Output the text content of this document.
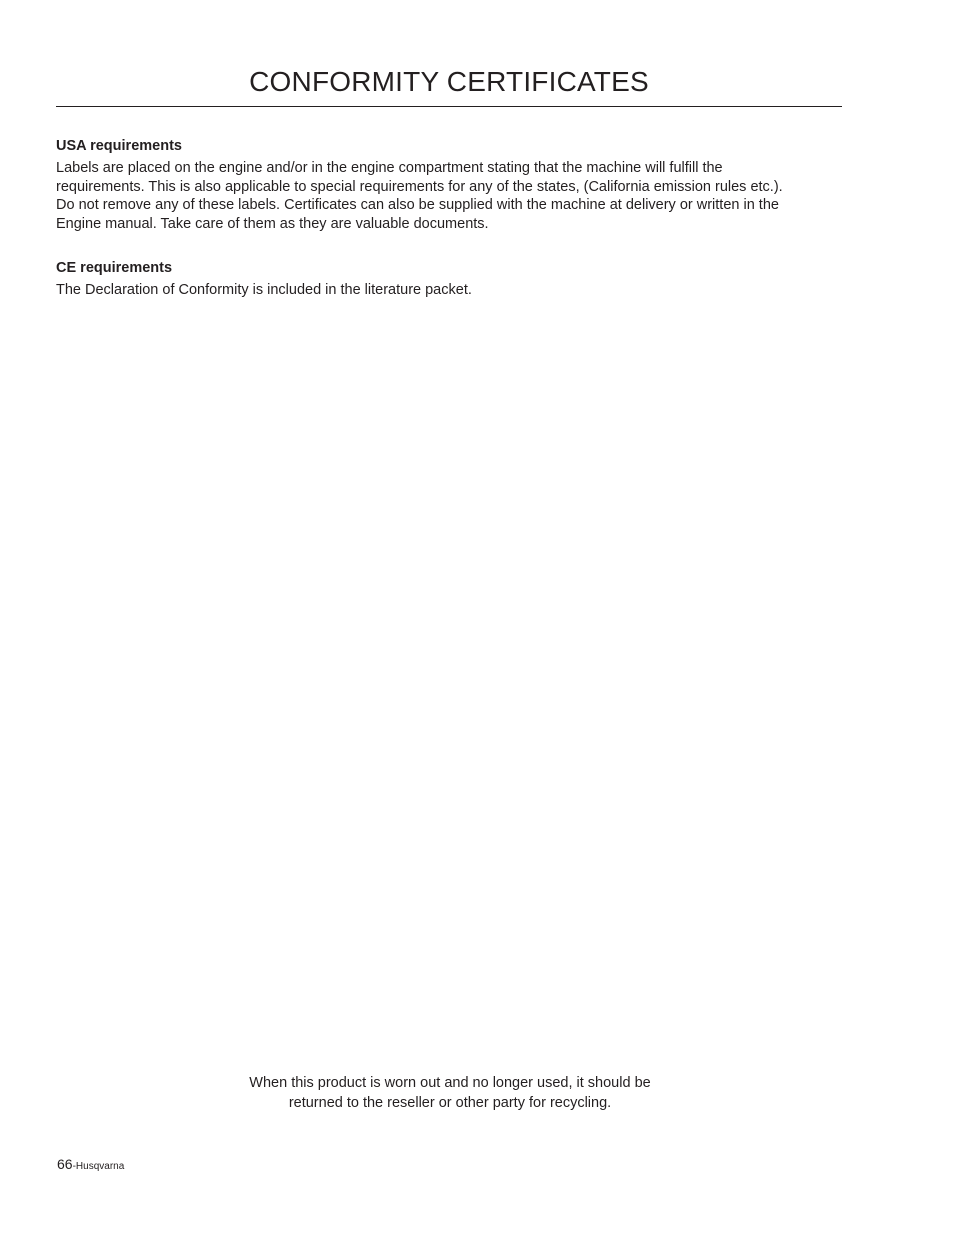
CONFORMITY CERTIFICATES
USA requirements

Labels are placed on the engine and/or in the engine compartment stating that the machine will fulfill the
requirements. This is also applicable to special requirements for any of the states, (California emission rules etc.).
Do not remove any of these labels. Certificates can also be supplied with the machine at delivery or written in the
Engine manual. Take care of them as they are valuable documents.

CE requirements

The Declaration of Conformity is included in the literature packet.

When this product is worn out and no longer used, it should be
returned to the reseller or other party for recycling.

66-Husqvarna
